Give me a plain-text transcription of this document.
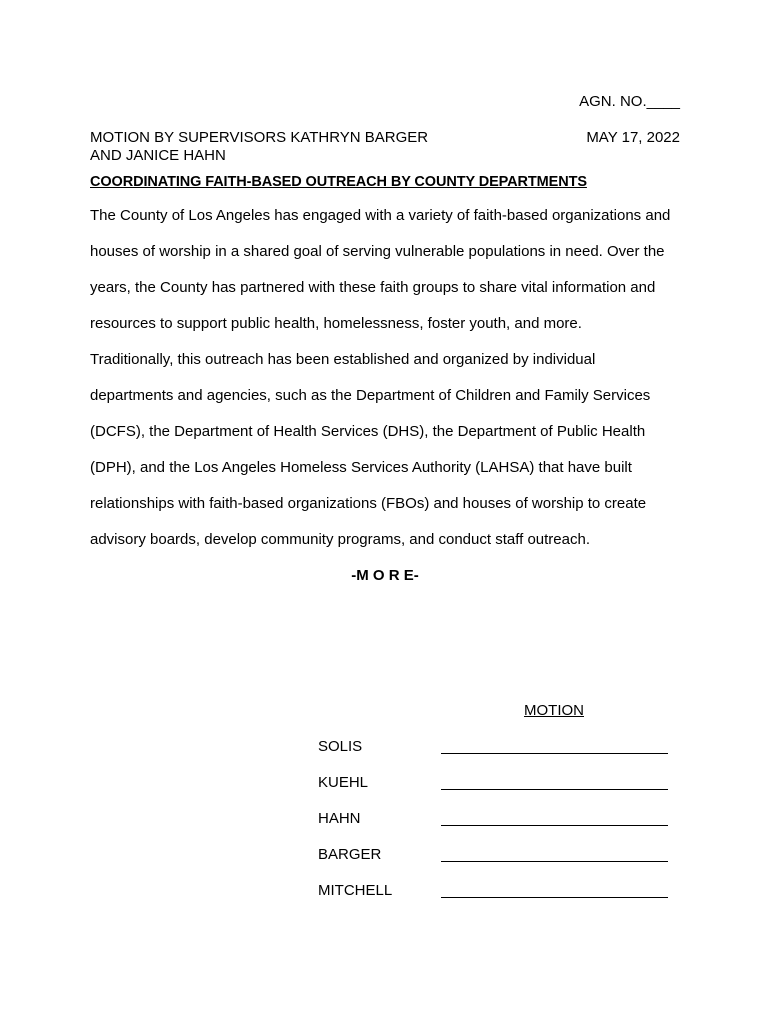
AGN. NO.____
MOTION BY SUPERVISORS KATHRYN BARGER
AND JANICE HAHN
MAY 17, 2022
COORDINATING FAITH-BASED OUTREACH BY COUNTY DEPARTMENTS
The County of Los Angeles has engaged with a variety of faith-based organizations and
houses of worship in a shared goal of serving vulnerable populations in need. Over the
years, the County has partnered with these faith groups to share vital information and
resources to support public health, homelessness, foster youth, and more.
Traditionally, this outreach has been established and organized by individual
departments and agencies, such as the Department of Children and Family Services
(DCFS), the Department of Health Services (DHS), the Department of Public Health
(DPH), and the Los Angeles Homeless Services Authority (LAHSA) that have built
relationships with faith-based organizations (FBOs) and houses of worship to create
advisory boards, develop community programs, and conduct staff outreach.
-M O R E-
MOTION
SOLIS
KUEHL
HAHN
BARGER
MITCHELL
